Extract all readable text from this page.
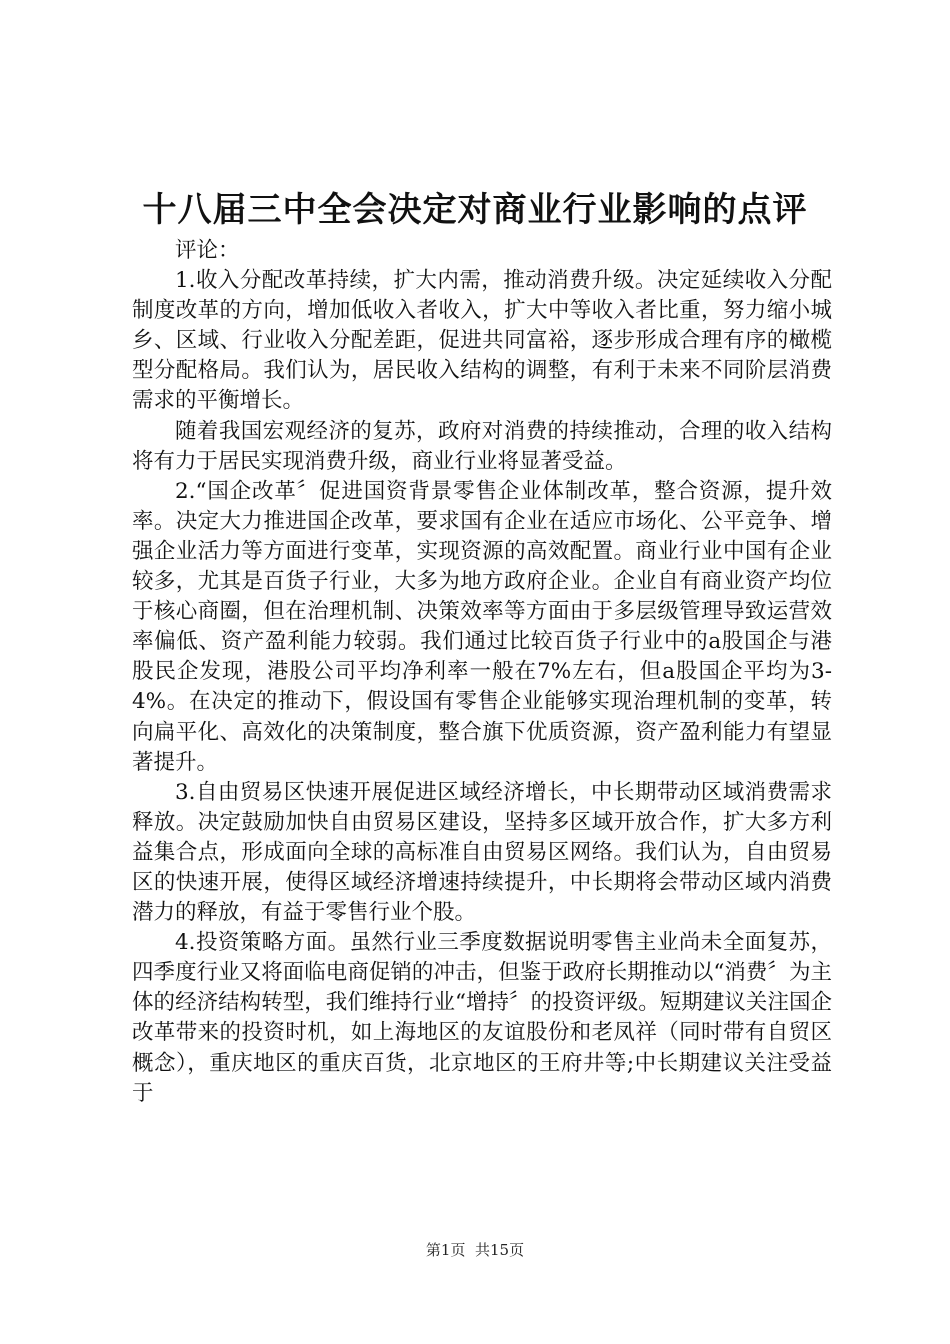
十八届三中全会决定对商业行业影响的点评

评论：

1.收入分配改革持续，扩大内需，推动消费升级。决定延续收入分配制度改革的方向，增加低收入者收入，扩大中等收入者比重，努力缩小城乡、区域、行业收入分配差距，促进共同富裕，逐步形成合理有序的橄榄型分配格局。我们认为，居民收入结构的调整，有利于未来不同阶层消费需求的平衡增长。

随着我国宏观经济的复苏，政府对消费的持续推动，合理的收入结构将有力于居民实现消费升级，商业行业将显著受益。

2.“国企改革〞促进国资背景零售企业体制改革，整合资源，提升效率。决定大力推进国企改革，要求国有企业在适应市场化、公平竞争、增强企业活力等方面进行变革，实现资源的高效配置。商业行业中国有企业较多，尤其是百货子行业，大多为地方政府企业。企业自有商业资产均位于核心商圈，但在治理机制、决策效率等方面由于多层级管理导致运营效率偏低、资产盈利能力较弱。我们通过比较百货子行业中的a股国企与港股民企发现，港股公司平均净利率一般在7%左右，但a股国企平均为3-4%。在决定的推动下，假设国有零售企业能够实现治理机制的变革，转向扁平化、高效化的决策制度，整合旗下优质资源，资产盈利能力有望显著提升。

3.自由贸易区快速开展促进区域经济增长，中长期带动区域消费需求释放。决定鼓励加快自由贸易区建设，坚持多区域开放合作，扩大多方利益集合点，形成面向全球的高标准自由贸易区网络。我们认为，自由贸易区的快速开展，使得区域经济增速持续提升，中长期将会带动区域内消费潜力的释放，有益于零售行业个股。

4.投资策略方面。虽然行业三季度数据说明零售主业尚未全面复苏，四季度行业又将面临电商促销的冲击，但鉴于政府长期推动以“消费〞为主体的经济结构转型，我们维持行业“增持〞的投资评级。短期建议关注国企改革带来的投资时机，如上海地区的友谊股份和老凤祥（同时带有自贸区概念），重庆地区的重庆百货，北京地区的王府井等;中长期建议关注受益于

第1页 共15页
